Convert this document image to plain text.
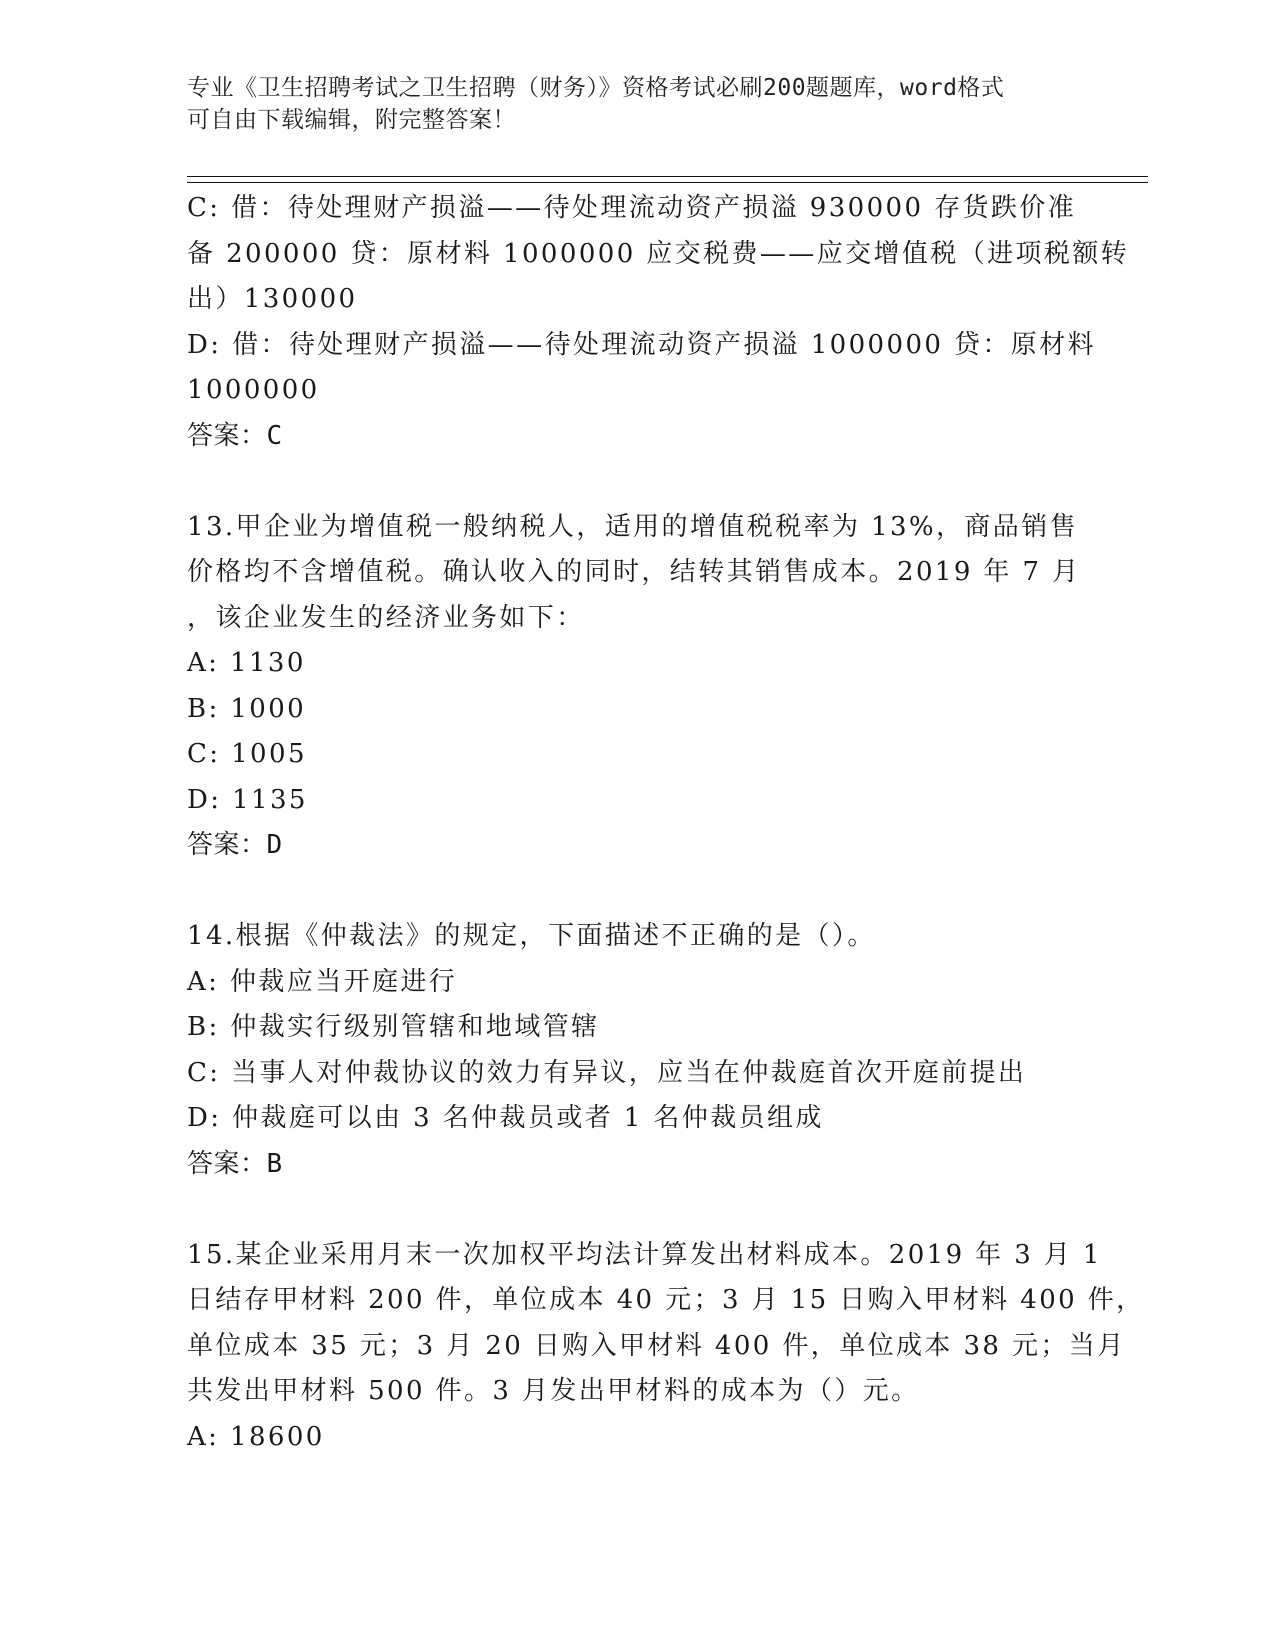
专业《卫生招聘考试之卫生招聘（财务）》资格考试必刷200题题库，word格式
可自由下载编辑，附完整答案！
C: 借：待处理财产损溢——待处理流动资产损溢 930000 存货跌价准
备 200000 贷：原材料 1000000 应交税费——应交增值税（进项税额转
出）130000
D: 借：待处理财产损溢——待处理流动资产损溢 1000000 贷：原材料
1000000
答案：C
13.甲企业为增值税一般纳税人，适用的增值税税率为 13%，商品销售
价格均不含增值税。确认收入的同时，结转其销售成本。2019 年 7 月
，该企业发生的经济业务如下：
A: 1130
B: 1000
C: 1005
D: 1135
答案：D
14.根据《仲裁法》的规定，下面描述不正确的是（）。
A: 仲裁应当开庭进行
B: 仲裁实行级别管辖和地域管辖
C: 当事人对仲裁协议的效力有异议，应当在仲裁庭首次开庭前提出
D: 仲裁庭可以由 3 名仲裁员或者 1 名仲裁员组成
答案：B
15.某企业采用月末一次加权平均法计算发出材料成本。2019 年 3 月 1
日结存甲材料 200 件，单位成本 40 元；3 月 15 日购入甲材料 400 件，
单位成本 35 元；3 月 20 日购入甲材料 400 件，单位成本 38 元；当月
共发出甲材料 500 件。3 月发出甲材料的成本为（）元。
A: 18600
